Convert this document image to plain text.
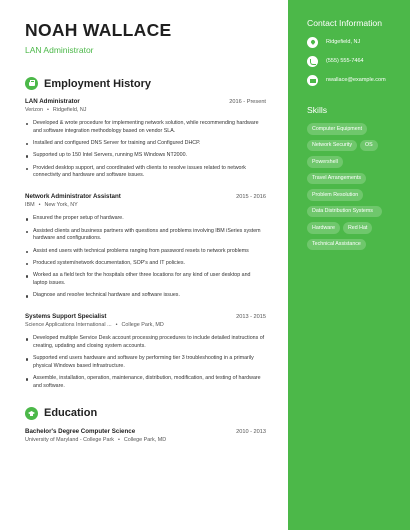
NOAH WALLACE
LAN Administrator
Employment History
LAN Administrator	2016 - Present
Verizon • Ridgefield, NJ
Developed & wrote procedure for implementing network solution, while recommending hardware and software integration methodology based on vendor SLA.
Installed and configured DNS Server for training and Configured DHCP.
Supported up to 150 Intel Servers, running MS Windows NT2000.
Provided desktop support, and coordinated with clients to resolve issues related to network connectivity and hardware and software issues.
Network Administrator Assistant	2015 - 2016
IBM • New York, NY
Ensured the proper setup of hardware.
Assisted clients and business partners with questions and problems involving IBM iSeries system hardware and configurations.
Assist end users with technical problems ranging from password resets to network problems
Produced system/network documentation, SOP's and IT policies.
Worked as a field tech for the hospitals other three locations for any kind of user desktop and laptop issues.
Diagnose and resolve technical hardware and software issues.
Systems Support Specialist	2013 - 2015
Science Applications International ... • College Park, MD
Developed multiple Service Desk account processing procedures to include detailed instructions of creating, updating and closing system accounts.
Supported end users hardware and software by performing tier 3 troubleshooting in a primarily physical Windows based infrastructure.
Assemble, installation, operation, maintenance, distribution, modification, and testing of hardware and software.
Education
Bachelor's Degree Computer Science	2010 - 2013
University of Maryland - College Park • College Park, MD
Contact Information
Ridgefield, NJ
(555) 555-7464
nwallace@example.com
Skills
Computer Equipment
Network Security	OS
Powershell
Travel Arrangements
Problem Resolution
Data Distribution Systems
Hardware	Red Hat
Technical Assistance
